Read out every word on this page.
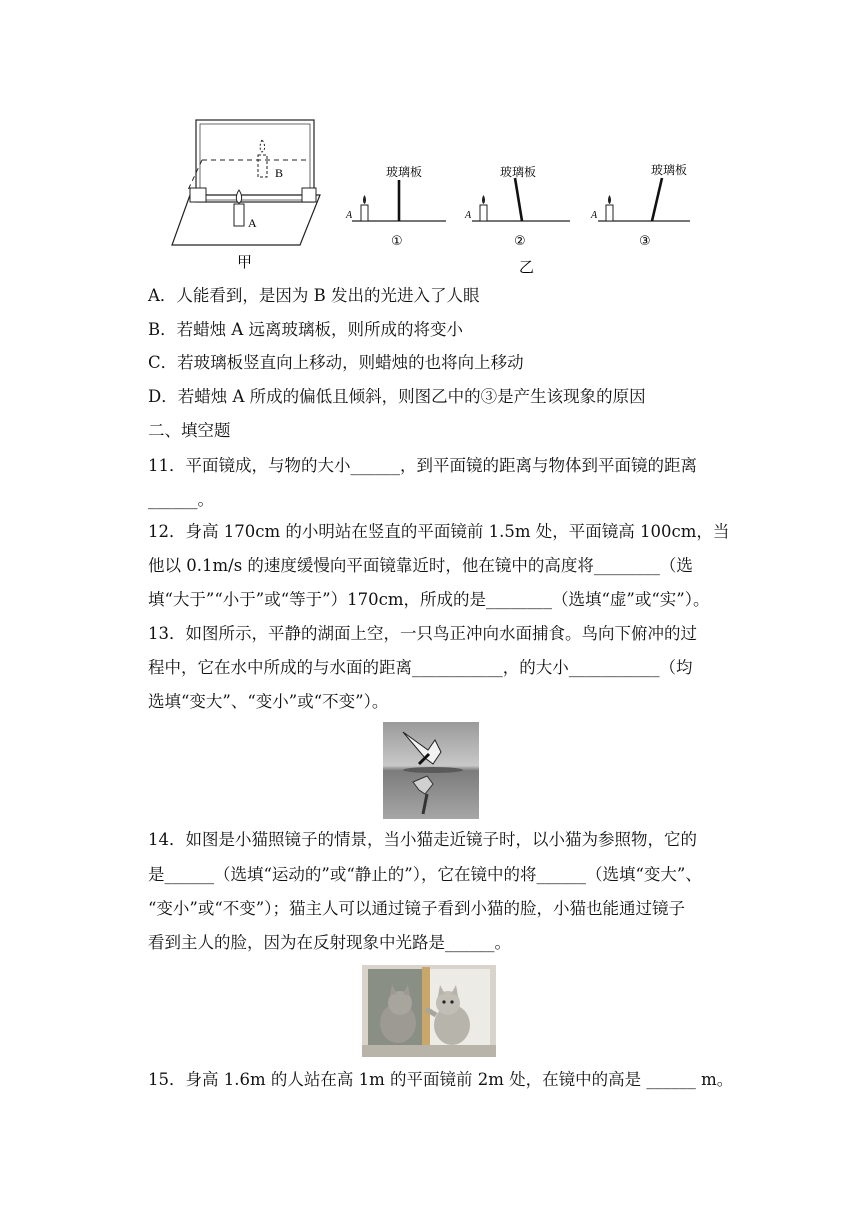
B
A
A
玻璃板
①
A
玻璃板
②
A
玻璃板
③
甲	乙
A．人能看到，是因为 B 发出的光进入了人眼
B．若蜡烛 A 远离玻璃板，则所成的将变小
C．若玻璃板竖直向上移动，则蜡烛的也将向上移动
D．若蜡烛 A 所成的偏低且倾斜，则图乙中的③是产生该现象的原因
二、填空题
11．平面镜成，与物的大小______，到平面镜的距离与物体到平面镜的距离
______。
12．身高 170cm 的小明站在竖直的平面镜前 1.5m 处，平面镜高 100cm，当
他以 0.1m/s 的速度缓慢向平面镜靠近时，他在镜中的高度将________（选
填“大于”“小于”或“等于”）170cm，所成的是________（选填“虚”或“实”）。
13．如图所示，平静的湖面上空，一只鸟正冲向水面捕食。鸟向下俯冲的过
程中，它在水中所成的与水面的距离___________，的大小___________（均
选填“变大”、“变小”或“不变”）。
14．如图是小猫照镜子的情景，当小猫走近镜子时，以小猫为参照物，它的
是______（选填“运动的”或“静止的”），它在镜中的将______（选填“变大”、
“变小”或“不变”）；猫主人可以通过镜子看到小猫的脸，小猫也能通过镜子
看到主人的脸，因为在反射现象中光路是______。
15．身高 1.6m 的人站在高 1m 的平面镜前 2m 处，在镜中的高是 ______ m。
